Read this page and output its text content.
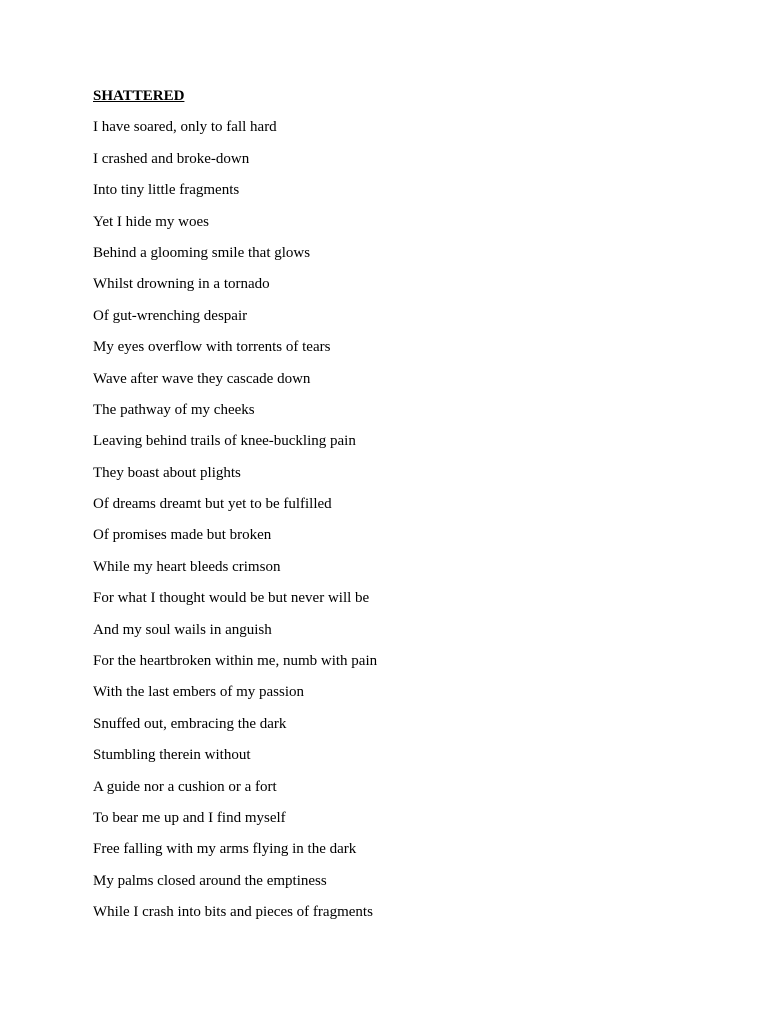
SHATTERED
I have soared, only to fall hard
I crashed and broke-down
Into tiny little fragments
Yet I hide my woes
Behind a glooming smile that glows
Whilst drowning in a tornado
Of gut-wrenching despair
My eyes overflow with torrents of tears
Wave after wave they cascade down
The pathway of my cheeks
Leaving behind trails of knee-buckling pain
They boast about plights
Of dreams dreamt but yet to be fulfilled
Of promises made but broken
While my heart bleeds crimson
For what I thought would be but never will be
And my soul wails in anguish
For the heartbroken within me, numb with pain
With the last embers of my passion
Snuffed out, embracing the dark
Stumbling therein without
A guide nor a cushion or a fort
To bear me up and I find myself
Free falling with my arms flying in the dark
My palms closed around the emptiness
While I crash into bits and pieces of fragments
